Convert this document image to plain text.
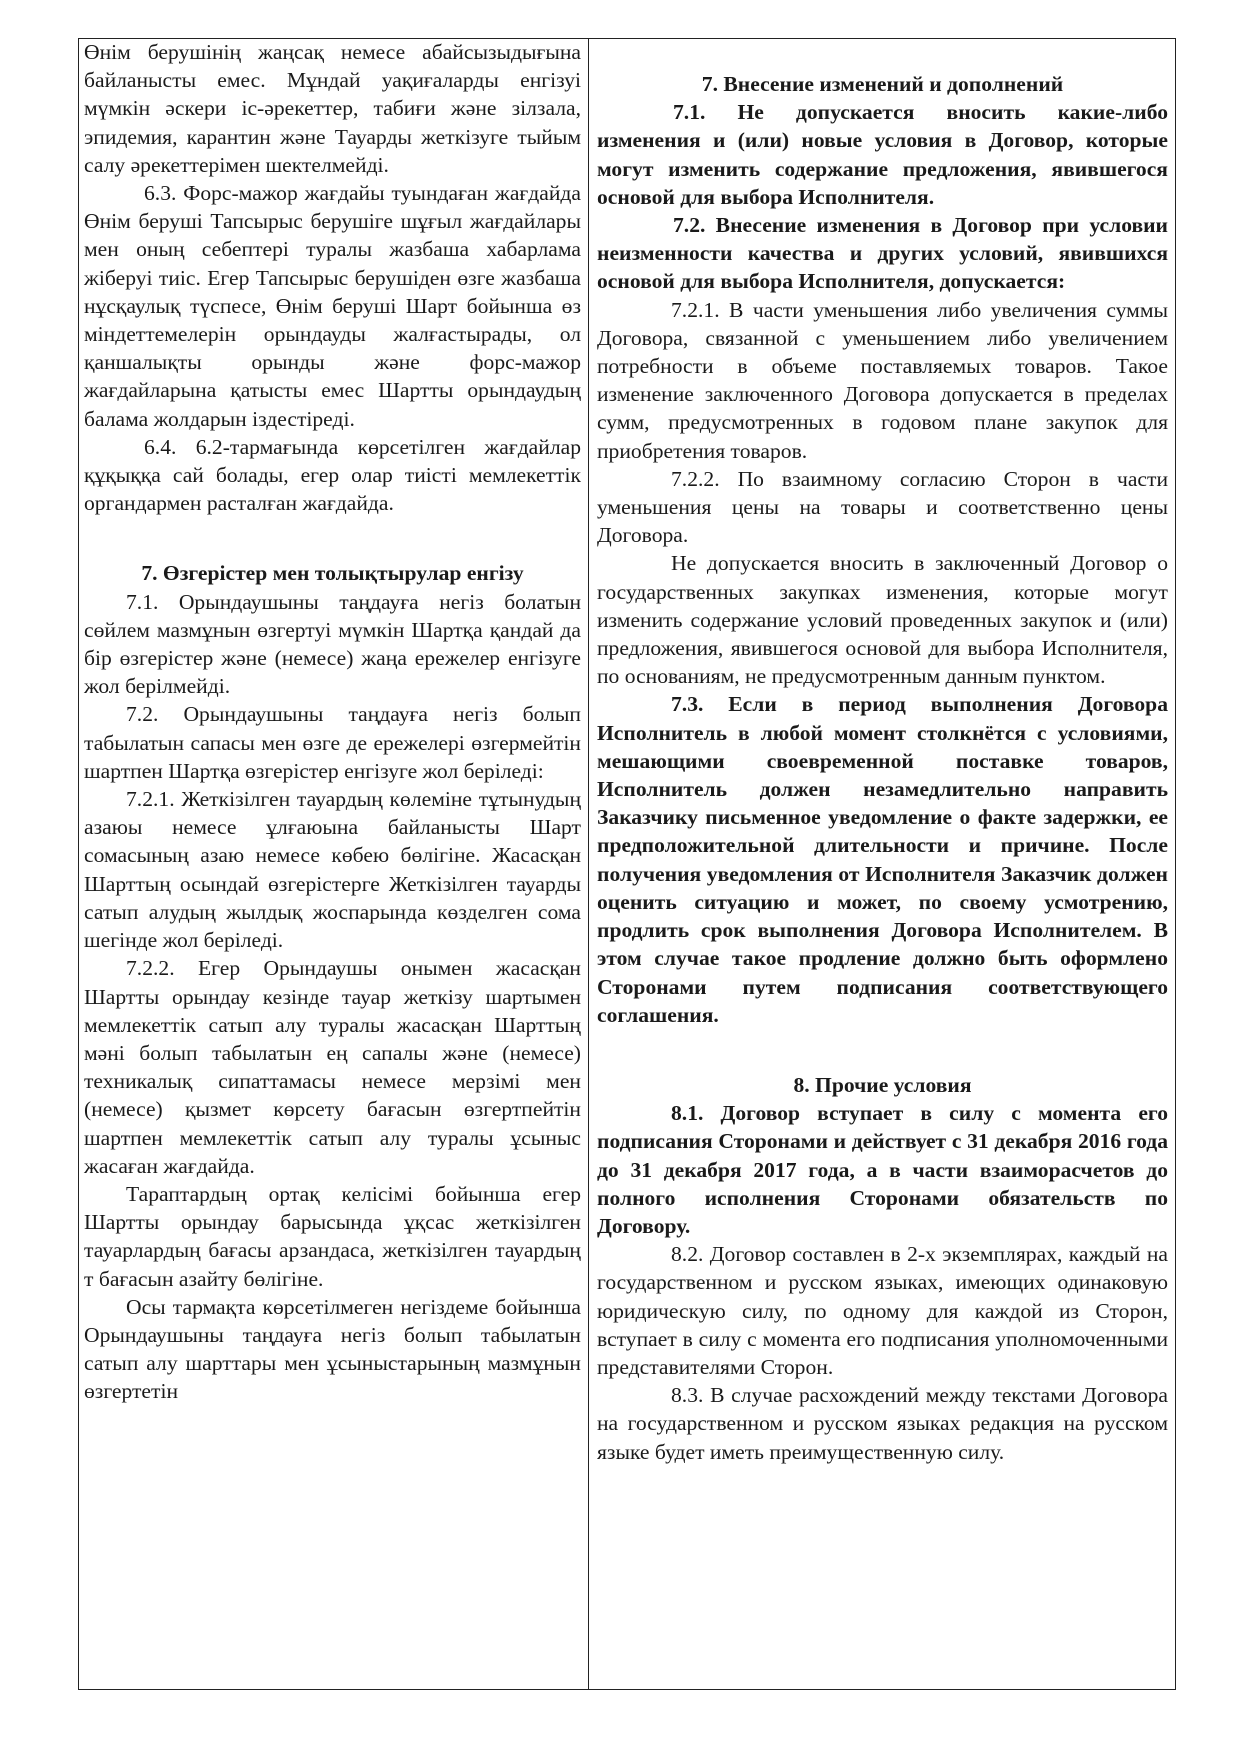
Өнім берушінің жаңсақ немесе абайсызыдығына байланысты емес. Мұндай уақиғаларды енгізуі мүмкін әскери іс-әрекеттер, табиғи және зілзала, эпидемия, карантин және Тауарды жеткізуге тыйым салу әрекеттерімен шектелмейді.

6.3. Форс-мажор жағдайы туындаған жағдайда Өнім беруші Тапсырыс берушіге шұғыл жағдайлары мен оның себептері туралы жазбаша хабарлама жіберуі тиіс. Егер Тапсырыс берушіден өзге жазбаша нұсқаулық түспесе, Өнім беруші Шарт бойынша өз міндеттемелерін орындауды жалғастырады, ол қаншалықты орынды және форс-мажор жағдайларына қатысты емес Шартты орындаудың балама жолдарын іздестіреді.

6.4. 6.2-тармағында көрсетілген жағдайлар құқыққа сай болады, егер олар тиісті мемлекеттік органдармен расталған жағдайда.

7. Өзгерістер мен толықтырулар енгізу

7.1. Орындаушыны таңдауға негіз болатын сөйлем мазмұнын өзгертуі мүмкін Шартқа қандай да бір өзгерістер және (немесе) жаңа ережелер енгізуге жол берілмейді.

7.2. Орындаушыны таңдауға негіз болып табылатын сапасы мен өзге де ережелері өзгермейтін шартпен Шартқа өзгерістер енгізуге жол беріледі:

7.2.1. Жеткізілген тауардың көлеміне тұтынудың азаюы немесе ұлғаюына байланысты Шарт сомасының азаю немесе көбею бөлігіне. Жасасқан Шарттың осындай өзгерістерге Жеткізілген тауарды сатып алудың жылдық жоспарында көзделген сома шегінде жол беріледі.

7.2.2. Егер Орындаушы онымен жасасқан Шартты орындау кезінде тауар жеткізу шартымен мемлекеттік сатып алу туралы жасасқан Шарттың мәні болып табылатын ең сапалы және (немесе) техникалық сипаттамасы немесе мерзімі мен (немесе) қызмет көрсету бағасын өзгертпейтін шартпен мемлекеттік сатып алу туралы ұсыныс жасаған жағдайда.

Тараптардың ортақ келісімі бойынша егер Шартты орындау барысында ұқсас жеткізілген тауарлардың бағасы арзандаса, жеткізілген тауардың т бағасын азайту бөлігіне.

Осы тармақта көрсетілмеген негіздеме бойынша Орындаушыны таңдауға негіз болып табылатын сатып алу шарттары мен ұсыныстарының мазмұнын өзгертетін

7. Внесение изменений и дополнений

7.1. Не допускается вносить какие-либо изменения и (или) новые условия в Договор, которые могут изменить содержание предложения, явившегося основой для выбора Исполнителя.

7.2. Внесение изменения в Договор при условии неизменности качества и других условий, явившихся основой для выбора Исполнителя, допускается:

7.2.1. В части уменьшения либо увеличения суммы Договора, связанной с уменьшением либо увеличением потребности в объеме поставляемых товаров. Такое изменение заключенного Договора допускается в пределах сумм, предусмотренных в годовом плане закупок для приобретения товаров.

7.2.2. По взаимному согласию Сторон в части уменьшения цены на товары и соответственно цены Договора.

Не допускается вносить в заключенный Договор о государственных закупках изменения, которые могут изменить содержание условий проведенных закупок и (или) предложения, явившегося основой для выбора Исполнителя, по основаниям, не предусмотренным данным пунктом.

7.3. Если в период выполнения Договора Исполнитель в любой момент столкнётся с условиями, мешающими своевременной поставке товаров, Исполнитель должен незамедлительно направить Заказчику письменное уведомление о факте задержки, ее предположительной длительности и причине. После получения уведомления от Исполнителя Заказчик должен оценить ситуацию и может, по своему усмотрению, продлить срок выполнения Договора Исполнителем. В этом случае такое продление должно быть оформлено Сторонами путем подписания соответствующего соглашения.

8. Прочие условия

8.1. Договор вступает в силу с момента его подписания Сторонами и действует с 31 декабря 2016 года до 31 декабря 2017 года, а в части взаиморасчетов до полного исполнения Сторонами обязательств по Договору.

8.2. Договор составлен в 2-х экземплярах, каждый на государственном и русском языках, имеющих одинаковую юридическую силу, по одному для каждой из Сторон, вступает в силу с момента его подписания уполномоченными представителями Сторон.

8.3. В случае расхождений между текстами Договора на государственном и русском языках редакция на русском языке будет иметь преимущественную силу.
